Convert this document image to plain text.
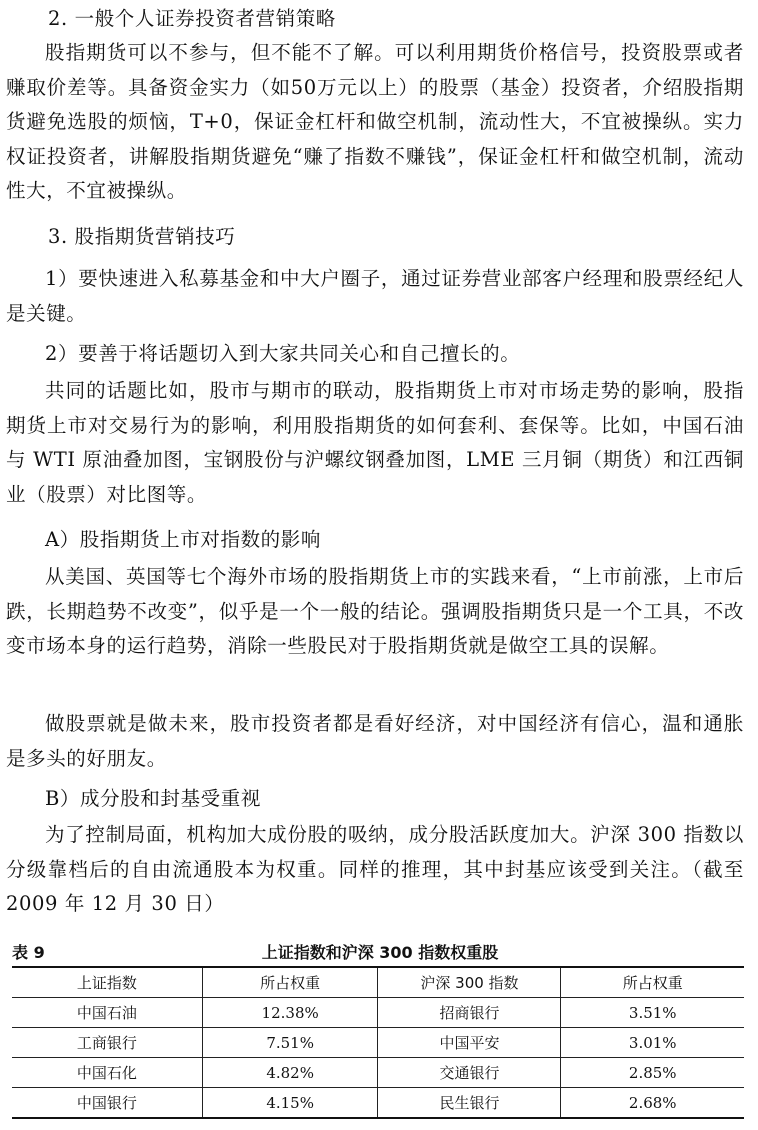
2. 一般个人证券投资者营销策略

股指期货可以不参与，但不能不了解。可以利用期货价格信号，投资股票或者赚取价差等。具备资金实力（如50万元以上）的股票（基金）投资者，介绍股指期货避免选股的烦恼，T+0，保证金杠杆和做空机制，流动性大，不宜被操纵。实力权证投资者，讲解股指期货避免“赚了指数不赚钱”，保证金杠杆和做空机制，流动性大，不宜被操纵。

3. 股指期货营销技巧

1）要快速进入私募基金和中大户圈子，通过证券营业部客户经理和股票经纪人是关键。

2）要善于将话题切入到大家共同关心和自己擅长的。

共同的话题比如，股市与期市的联动，股指期货上市对市场走势的影响，股指期货上市对交易行为的影响，利用股指期货的如何套利、套保等。比如，中国石油与 WTI 原油叠加图，宝钢股份与沪螺纹钢叠加图，LME 三月铜（期货）和江西铜业（股票）对比图等。

A）股指期货上市对指数的影响

从美国、英国等七个海外市场的股指期货上市的实践来看，“上市前涨，上市后跌，长期趋势不改变”，似乎是一个一般的结论。强调股指期货只是一个工具，不改变市场本身的运行趋势，消除一些股民对于股指期货就是做空工具的误解。

做股票就是做未来，股市投资者都是看好经济，对中国经济有信心，温和通胀是多头的好朋友。

B）成分股和封基受重视

为了控制局面，机构加大成份股的吸纳，成分股活跃度加大。沪深 300 指数以分级靠档后的自由流通股本为权重。同样的推理，其中封基应该受到关注。（截至 2009 年 12 月 30 日）

表 9	上证指数和沪深 300 指数权重股
上证指数	所占权重	沪深 300 指数	所占权重
中国石油	12.38%	招商银行	3.51%
工商银行	7.51%	中国平安	3.01%
中国石化	4.82%	交通银行	2.85%
中国银行	4.15%	民生银行	2.68%
